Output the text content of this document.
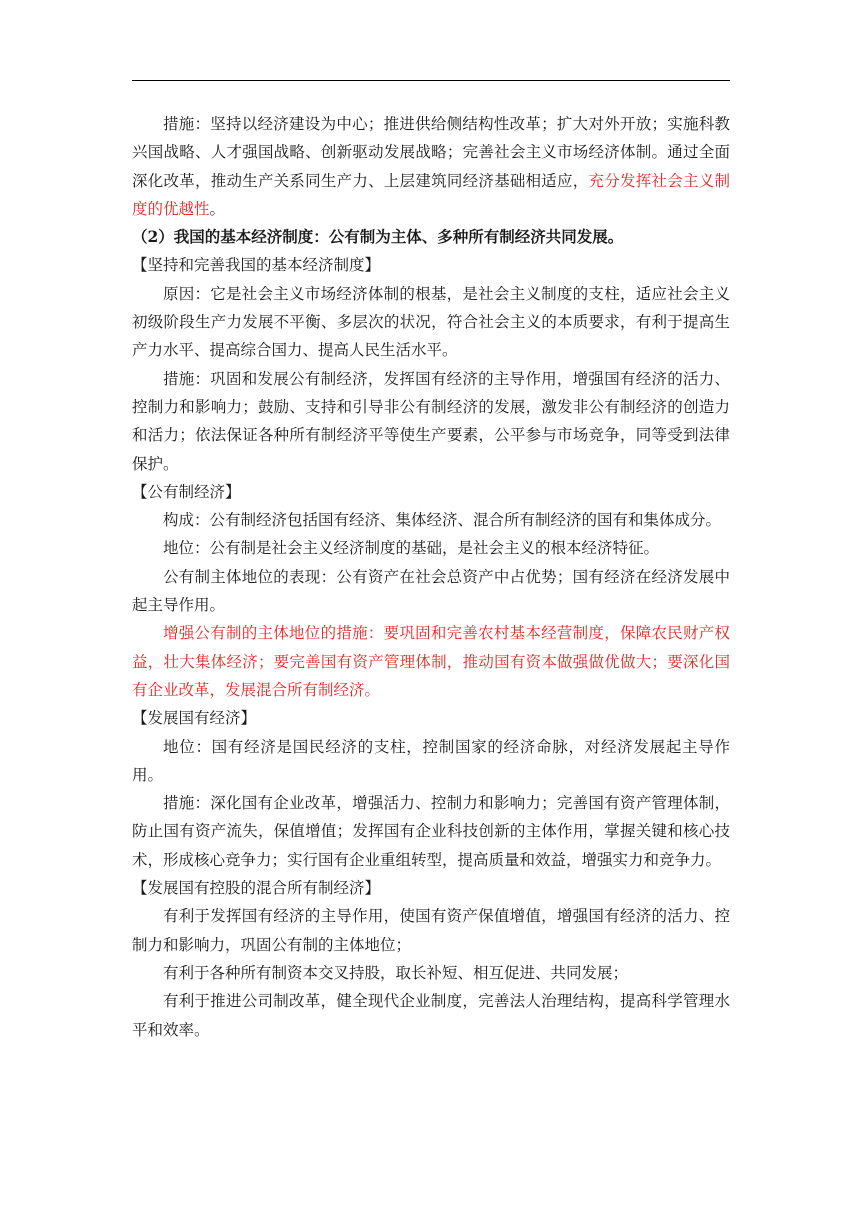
措施：坚持以经济建设为中心；推进供给侧结构性改革；扩大对外开放；实施科教兴国战略、人才强国战略、创新驱动发展战略；完善社会主义市场经济体制。通过全面深化改革，推动生产关系同生产力、上层建筑同经济基础相适应，充分发挥社会主义制度的优越性。

（2）我国的基本经济制度：公有制为主体、多种所有制经济共同发展。

【坚持和完善我国的基本经济制度】

原因：它是社会主义市场经济体制的根基，是社会主义制度的支柱，适应社会主义初级阶段生产力发展不平衡、多层次的状况，符合社会主义的本质要求，有利于提高生产力水平、提高综合国力、提高人民生活水平。

措施：巩固和发展公有制经济，发挥国有经济的主导作用，增强国有经济的活力、控制力和影响力；鼓励、支持和引导非公有制经济的发展，激发非公有制经济的创造力和活力；依法保证各种所有制经济平等使生产要素，公平参与市场竞争，同等受到法律保护。

【公有制经济】

构成：公有制经济包括国有经济、集体经济、混合所有制经济的国有和集体成分。

地位：公有制是社会主义经济制度的基础，是社会主义的根本经济特征。

公有制主体地位的表现：公有资产在社会总资产中占优势；国有经济在经济发展中起主导作用。

增强公有制的主体地位的措施：要巩固和完善农村基本经营制度，保障农民财产权益，壮大集体经济；要完善国有资产管理体制，推动国有资本做强做优做大；要深化国有企业改革，发展混合所有制经济。

【发展国有经济】

地位：国有经济是国民经济的支柱，控制国家的经济命脉，对经济发展起主导作用。

措施：深化国有企业改革，增强活力、控制力和影响力；完善国有资产管理体制，防止国有资产流失，保值增值；发挥国有企业科技创新的主体作用，掌握关键和核心技术，形成核心竞争力；实行国有企业重组转型，提高质量和效益，增强实力和竞争力。

【发展国有控股的混合所有制经济】

有利于发挥国有经济的主导作用，使国有资产保值增值，增强国有经济的活力、控制力和影响力，巩固公有制的主体地位；

有利于各种所有制资本交叉持股，取长补短、相互促进、共同发展；

有利于推进公司制改革，健全现代企业制度，完善法人治理结构，提高科学管理水平和效率。
